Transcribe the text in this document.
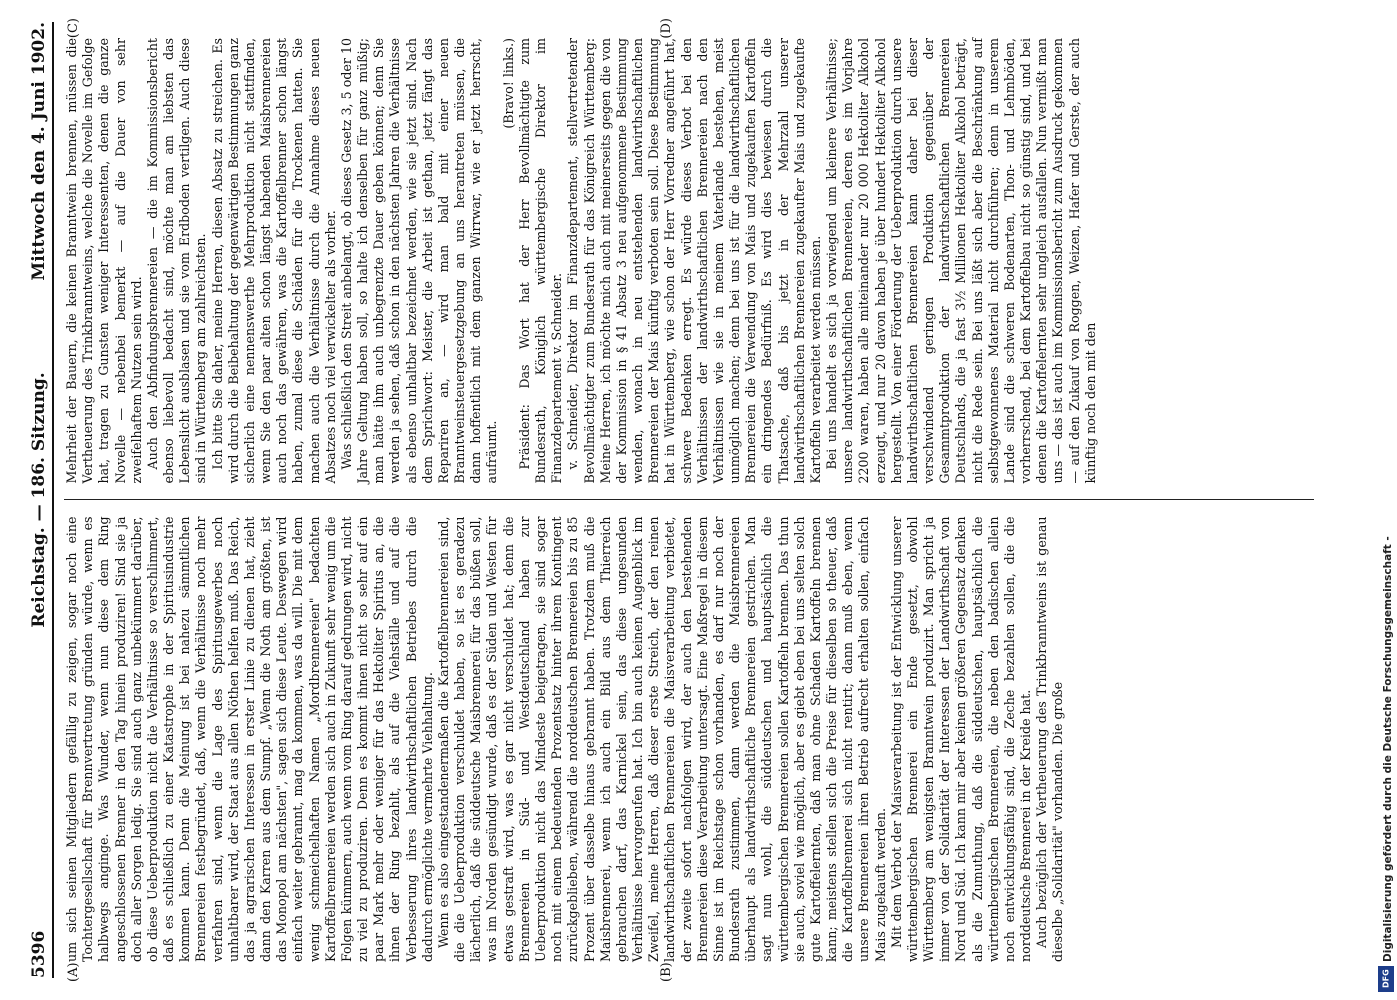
5396
Reichstag. — 186. Sitzung.
Mittwoch den 4. Juni 1902.
(A)	(B)
(C)	(D)

um sich seinen Mitgliedern gefällig zu zeigen, sogar noch eine Tochtergesellschaft für Brennvertretung gründen würde, wenn es halbwegs anginge. Was Wunder, wenn nun diese dem Ring angeschlossenen Brenner in den Tag hinein produziren! Sind sie ja doch aller Sorgen ledig. Sie sind auch ganz unbekümmert darüber, ob diese Ueberproduktion nicht die Verhältnisse so verschlimmert, daß es schließlich zu einer Katastrophe in der Spiritusindustrie kommen kann. Denn die Meinung ist bei nahezu sämmtlichen Brennereien festbegründet, daß, wenn die Verhältnisse noch mehr verfahren sind, wenn die Lage des Spiritusgewerbes noch unhaltbarer wird, der Staat aus allen Nöthen helfen muß. Das Reich, das ja agrarischen Interessen in erster Linie zu dienen hat, zieht dann den Karren aus dem Sumpf. „Wenn die Noth am größten, ist das Monopol am nächsten", sagen sich diese Leute. Deswegen wird einfach weiter gebrannt, mag da kommen, was da will. Die mit dem wenig schmeichelhaften Namen „Mordbrennereien" bedachten Kartoffelbrennereien werden sich auch in Zukunft sehr wenig um die Folgen kümmern, auch wenn vom Ring darauf gedrungen wird, nicht zu viel zu produziren. Denn es kommt ihnen nicht so sehr auf ein paar Mark mehr oder weniger für das Hektoliter Spiritus an, die ihnen der Ring bezahlt, als auf die Viehställe und auf die Verbesserung ihres landwirthschaftlichen Betriebes durch die dadurch ermöglichte vermehrte Viehhaltung. Wenn es also eingestandenermaßen die Kartoffelbrennereien sind, die die Ueberproduktion verschuldet haben, so ist es geradezu lächerlich, daß die süddeutsche Maisbrennerei für das büßen soll, was im Norden gesündigt wurde, daß es der Süden und Westen für etwas gestraft wird, was es gar nicht verschuldet hat; denn die Brennereien in Süd- und Westdeutschland haben zur Ueberproduktion nicht das Mindeste beigetragen, sie sind sogar noch mit einem bedeutenden Prozentsatz hinter ihrem Kontingent zurückgeblieben, während die norddeutschen Brennereien bis zu 85 Prozent über dasselbe hinaus gebrannt haben. Trotzdem muß die Maisbrennerei, wenn ich auch ein Bild aus dem Thierreich gebrauchen darf, das Karnickel sein, das diese ungesunden Verhältnisse hervorgerufen hat. Ich bin auch keinen Augenblick im Zweifel, meine Herren, daß dieser erste Streich, der den reinen landwirthschaftlichen Brennereien die Maisverarbeitung verbietet, der zweite sofort nachfolgen wird, der auch den bestehenden Brennereien diese Verarbeitung untersagt. Eine Maßregel in diesem Sinne ist im Reichstage schon vorhanden, es darf nur noch der Bundesrath zustimmen, dann werden die Maisbrennereien überhaupt als landwirthschaftliche Brennereien gestrichen. Man sagt nun wohl, die süddeutschen und hauptsächlich die württembergischen Brennereien sollen Kartoffeln brennen. Das thun sie auch, soviel wie möglich, aber es giebt eben bei uns selten solch gute Kartoffelernten, daß man ohne Schaden Kartoffeln brennen kann; meistens stellen sich die Preise für dieselben so theuer, daß die Kartoffelbrennerei sich nicht rentirt; dann muß eben, wenn unsere Brennereien ihren Betrieb aufrecht erhalten sollen, einfach Mais zugekauft werden. Mit dem Verbot der Maisverarbeitung ist der Entwicklung unserer württembergischen Brennerei ein Ende gesetzt, obwohl Württemberg am wenigsten Branntwein produzirt. Man spricht ja immer von der Solidarität der Interessen der Landwirthschaft von Nord und Süd. Ich kann mir aber keinen größeren Gegensatz denken als die Zumuthung, daß die süddeutschen, hauptsächlich die württembergischen Brennereien, die neben den badischen allein noch entwicklungsfähig sind, die Zeche bezahlen sollen, die die norddeutsche Brennerei in der Kreide hat. Auch bezüglich der Vertheuerung des Trinkbranntweins ist genau dieselbe „Solidarität" vorhanden. Die große

Mehrheit der Bauern, die keinen Branntwein brennen, müssen die Vertheuerung des Trinkbranntweins, welche die Novelle im Gefolge hat, tragen zu Gunsten weniger Interessenten, denen die ganze Novelle — nebenbei bemerkt — auf die Dauer von sehr zweifelhaftem Nutzen sein wird. Auch den Abfindungsbrennereien — die im Kommissionsbericht ebenso liebevoll bedacht sind, möchte man am liebsten das Lebenslicht ausblasen und sie vom Erdboden vertilgen. Auch diese sind in Württemberg am zahlreichsten. Ich bitte Sie daher, meine Herren, diesen Absatz zu streichen. Es wird durch die Beibehaltung der gegenwärtigen Bestimmungen ganz sicherlich eine nennenswerthe Mehrproduktion nicht stattfinden, wenn Sie den paar alten schon längst habenden Maisbrennereien auch noch das gewähren, was die Kartoffelbrenner schon längst haben, zumal diese die Schäden für die Trockenen hatten. Sie machen auch die Verhältnisse durch die Annahme dieses neuen Absatzes noch viel verwickelter als vorher. Was schließlich den Streit anbelangt, ob dieses Gesetz 3, 5 oder 10 Jahre Geltung haben soll, so halte ich denselben für ganz müßig; man hätte ihm auch unbegrenzte Dauer geben können; denn Sie werden ja sehen, daß schon in den nächsten Jahren die Verhältnisse als ebenso unhaltbar bezeichnet werden, wie sie jetzt sind. Nach dem Sprichwort: Meister, die Arbeit ist gethan, jetzt fängt das Repariren an, — wird man bald mit einer neuen Branntweinsteuergesetzgebung an uns herantreten müssen, die dann hoffentlich mit dem ganzen Wirrwar, wie er jetzt herrscht, aufräumt.

(Bravo! links.) Präsident: Das Wort hat der Herr Bevollmächtigte zum Bundesrath, Königlich württembergische Direktor im Finanzdepartement v. Schneider. v. Schneider, Direktor im Finanzdepartement, stellvertretender Bevollmächtigter zum Bundesrath für das Königreich Württemberg: Meine Herren, ich möchte mich auch mit meinerseits gegen die von der Kommission in § 41 Absatz 3 neu aufgenommene Bestimmung wenden, wonach in neu entstehenden landwirthschaftlichen Brennereien der Mais künftig verboten sein soll. Diese Bestimmung hat in Württemberg, wie schon der Herr Vorredner angeführt hat, schwere Bedenken erregt. Es würde dieses Verbot bei den Verhältnissen der landwirthschaftlichen Brennereien nach den Verhältnissen wie sie in meinem Vaterlande bestehen, meist unmöglich machen; denn bei uns ist für die landwirthschaftlichen Brennereien die Verwendung von Mais und zugekauften Kartoffeln ein dringendes Bedürfniß. Es wird dies bewiesen durch die Thatsache, daß bis jetzt in der Mehrzahl unserer landwirthschaftlichen Brennereien zugekaufter Mais und zugekaufte Kartoffeln verarbeitet werden müssen. Bei uns handelt es sich ja vorwiegend um kleinere Verhältnisse; unsere landwirthschaftlichen Brennereien, deren es im Vorjahre 2200 waren, haben alle miteinander nur 20 000 Hektoliter Alkohol erzeugt, und nur 20 davon haben je über hundert Hektoliter Alkohol hergestellt. Von einer Förderung der Ueberproduktion durch unsere landwirthschaftlichen Brennereien kann daher bei dieser verschwindend geringen Produktion gegenüber der Gesammtproduktion der landwirthschaftlichen Brennereien Deutschlands, die ja fast 3½ Millionen Hektoliter Alkohol beträgt, nicht die Rede sein. Bei uns läßt sich aber die Beschränkung auf selbstgewonnenes Material nicht durchführen; denn in unserem Lande sind die schweren Bodenarten, Thon- und Lehmböden, vorherrschend, bei dem Kartoffelbau nicht so günstig sind, und bei denen die Kartoffelernten sehr ungleich ausfallen. Nun vermißt man uns — das ist auch im Kommissionsbericht zum Ausdruck gekommen — auf den Zukauf von Roggen, Weizen, Hafer und Gerste, der auch künftig noch den mit den

Digitalisierung gefördert durch die Deutsche Forschungsgemeinschaft -
DFG
